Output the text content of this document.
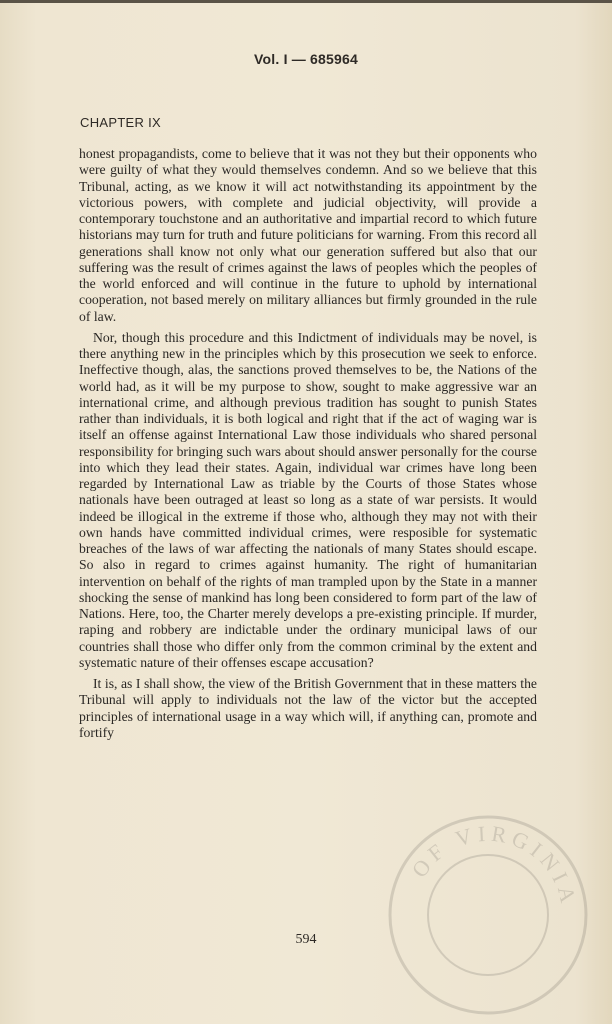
Vol. I — 685964
CHAPTER IX

honest propagandists, come to believe that it was not they but their opponents who were guilty of what they would themselves condemn. And so we believe that this Tribunal, acting, as we know it will act notwithstanding its appointment by the victorious powers, with complete and judicial objectivity, will provide a contemporary touchstone and an authoritative and impartial record to which future historians may turn for truth and future politicians for warning. From this record all generations shall know not only what our generation suffered but also that our suffering was the result of crimes against the laws of peoples which the peoples of the world enforced and will continue in the future to uphold by international cooperation, not based merely on military alliances but firmly grounded in the rule of law.

Nor, though this procedure and this Indictment of individuals may be novel, is there anything new in the principles which by this prosecution we seek to enforce. Ineffective though, alas, the sanctions proved themselves to be, the Nations of the world had, as it will be my purpose to show, sought to make aggressive war an international crime, and although previous tradition has sought to punish States rather than individuals, it is both logical and right that if the act of waging war is itself an offense against International Law those individuals who shared personal responsibility for bringing such wars about should answer personally for the course into which they lead their states. Again, individual war crimes have long been regarded by International Law as triable by the Courts of those States whose nationals have been outraged at least so long as a state of war persists. It would indeed be illogical in the extreme if those who, although they may not with their own hands have committed individual crimes, were resposible for systematic breaches of the laws of war affecting the nationals of many States should escape. So also in regard to crimes against humanity. The right of humanitarian intervention on behalf of the rights of man trampled upon by the State in a manner shocking the sense of mankind has long been considered to form part of the law of Nations. Here, too, the Charter merely develops a pre-existing principle. If murder, raping and robbery are indictable under the ordinary municipal laws of our countries shall those who differ only from the common criminal by the extent and systematic nature of their offenses escape accusation?

It is, as I shall show, the view of the British Government that in these matters the Tribunal will apply to individuals not the law of the victor but the accepted principles of international usage in a way which will, if anything can, promote and fortify

594
OF VIRGINIA
